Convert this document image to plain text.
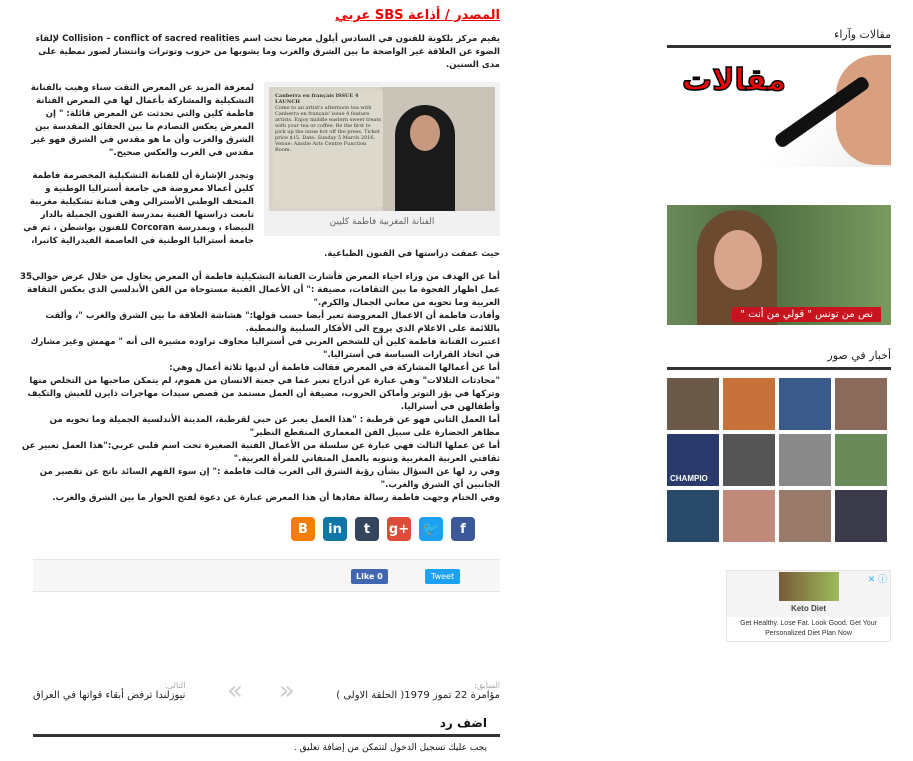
المصدر / أذاعة SBS عربي

يقيم مركز بلكونة للفنون في السادس أيلول معرضا تحت اسم Collision – conflict of sacred realities لإلقاء الضوء عن العلاقة غير الواضحة ما بين الشرق والغرب وما يشوبها من حروب وتوترات وانتشار لصور نمطية على مدى السنين.

Canberra en français ISSUE 4 LAUNCH
Come to an artist's afternoon tea with Canberra en français' issue 4 feature artists. Enjoy middle eastern sweet treats with your tea or coffee. Be the first to pick up the issue hot off the press. Ticket price $15. Date: Sunday 5 March 2016. Venue: Ainslie Arts Centre Function Room.
الفنانة المغربية فاطمة كليين

لمعرفة المزيد عن المعرض التقت سناء وهيب بالفنانة التشكيلية والمشاركة بأعمال لها في المعرض الفنانة فاطمة كلين والتي تحدثت عن المعرض قائلة: " إن المعرض يعكس التصادم ما بين الحقائق المقدسة بين الشرق والغرب وأن ما هو مقدس في الشرق فهو غير مقدس في الغرب والعكس صحيح."

وتجدر الإشارة أن للفنانة التشكيلية المخضرمة فاطمة كلين أعمالا معروضة في جامعة أستراليا الوطنية و المتحف الوطني الأسترالي وهي فنانة تشكيلية مغربية تابعت دراستها الفنية بمدرسة الفنون الجميلة بالدار البيضاء ، وبمدرسة Corcoran للفنون بواشطن ، ثم في جامعة أستراليا الوطنية في العاصمة الفيدرالية كانبرا، حيث عمقت دراستها في الفنون الطباعية.

أما عن الهدف من وراء احياء المعرض فأشارت الفنانة التشكيلية فاطمة أن المعرض يحاول من خلال عرض حوالي35 عمل اظهار الفجوة ما بين الثقافات، مضيفة :" أن الأعمال الفنية مستوحاة من الفن الأندلسي الذي يعكس الثقافة العربية وما تحويه من معاني الجمال والكرم."

وأفادت فاطمة أن الاعمال المعروضة تعبر أيضا حسب قولها:" هشاشة العلاقة ما بين الشرق والغرب "، وألقت باللائمة على الاعلام الذي يروج الى الأفكار السلبية والنمطية.

اعتبرت الفنانة فاطمة كلين أن للشخص العربي في أستراليا مخاوف تراوده مشيرة الى أنه " مهمش وغير مشارك في اتخاذ القرارات السياسة في أستراليا."

أما عن أعمالها المشاركة في المعرض فقالت فاطمة أن لديها ثلاثة أعمال وهي:

"محادثات التلالات" وهي عبارة عن أدراج تعبر عما في جعبة الانسان من هموم، لم يتمكن صاحبها من التخلص منها وتركها في بؤر التوتر وأماكن الحروب، مضيفة أن العمل مستمد من قصص سيدات مهاجرات ذايرن للعيش والتكيف وأطفالهن في أستراليا.

أما العمل الثاني فهو عن قرطبة : "هذا العمل يعبر عن حبي لقرطبة، المدينة الأندلسية الجميلة وما تحويه من مظاهر الحضارة على سبيل الفن المعماري المنقطع النظير"

أما عن عملها الثالث فهي عبارة عن سلسلة من الأعمال الفنية الصغيرة تحت اسم قلبي عربي:"هذا العمل تعبير عن ثقافتي العربية المغربية وتنويه بالعمل المتفاني للمرأة العربية."

وفي رد لها عن السؤال بشأن رؤية الشرق الى الغرب قالت فاطمة :" إن سوء الفهم السائد ناتج عن تقصير من الجانبين أي الشرق والغرب."

وفي الختام وجهت فاطمة رسالة مفادها أن هذا المعرض عبارة عن دعوة لفتح الحوار ما بين الشرق والغرب.

B	in	t	g+	🐦	f
Like 0	Tweet
السابق:
مؤامرة 22 تموز 1979( الحلقة الاولى )
»
«
التالي:
نيوزلندا ترفض أبقاء قواتها في العراق
اضف رد
يجب عليك تسجيل الدخول لتتمكن من إضافة تعليق .
مقالات وآراء
مقالات
نص من تونس " قولي من أنت "
أخبار في صور
CHAMPIO
ⓘ ✕
Keto Diet
Get Healthy. Lose Fat. Look Good. Get Your Personalized Diet Plan Now
